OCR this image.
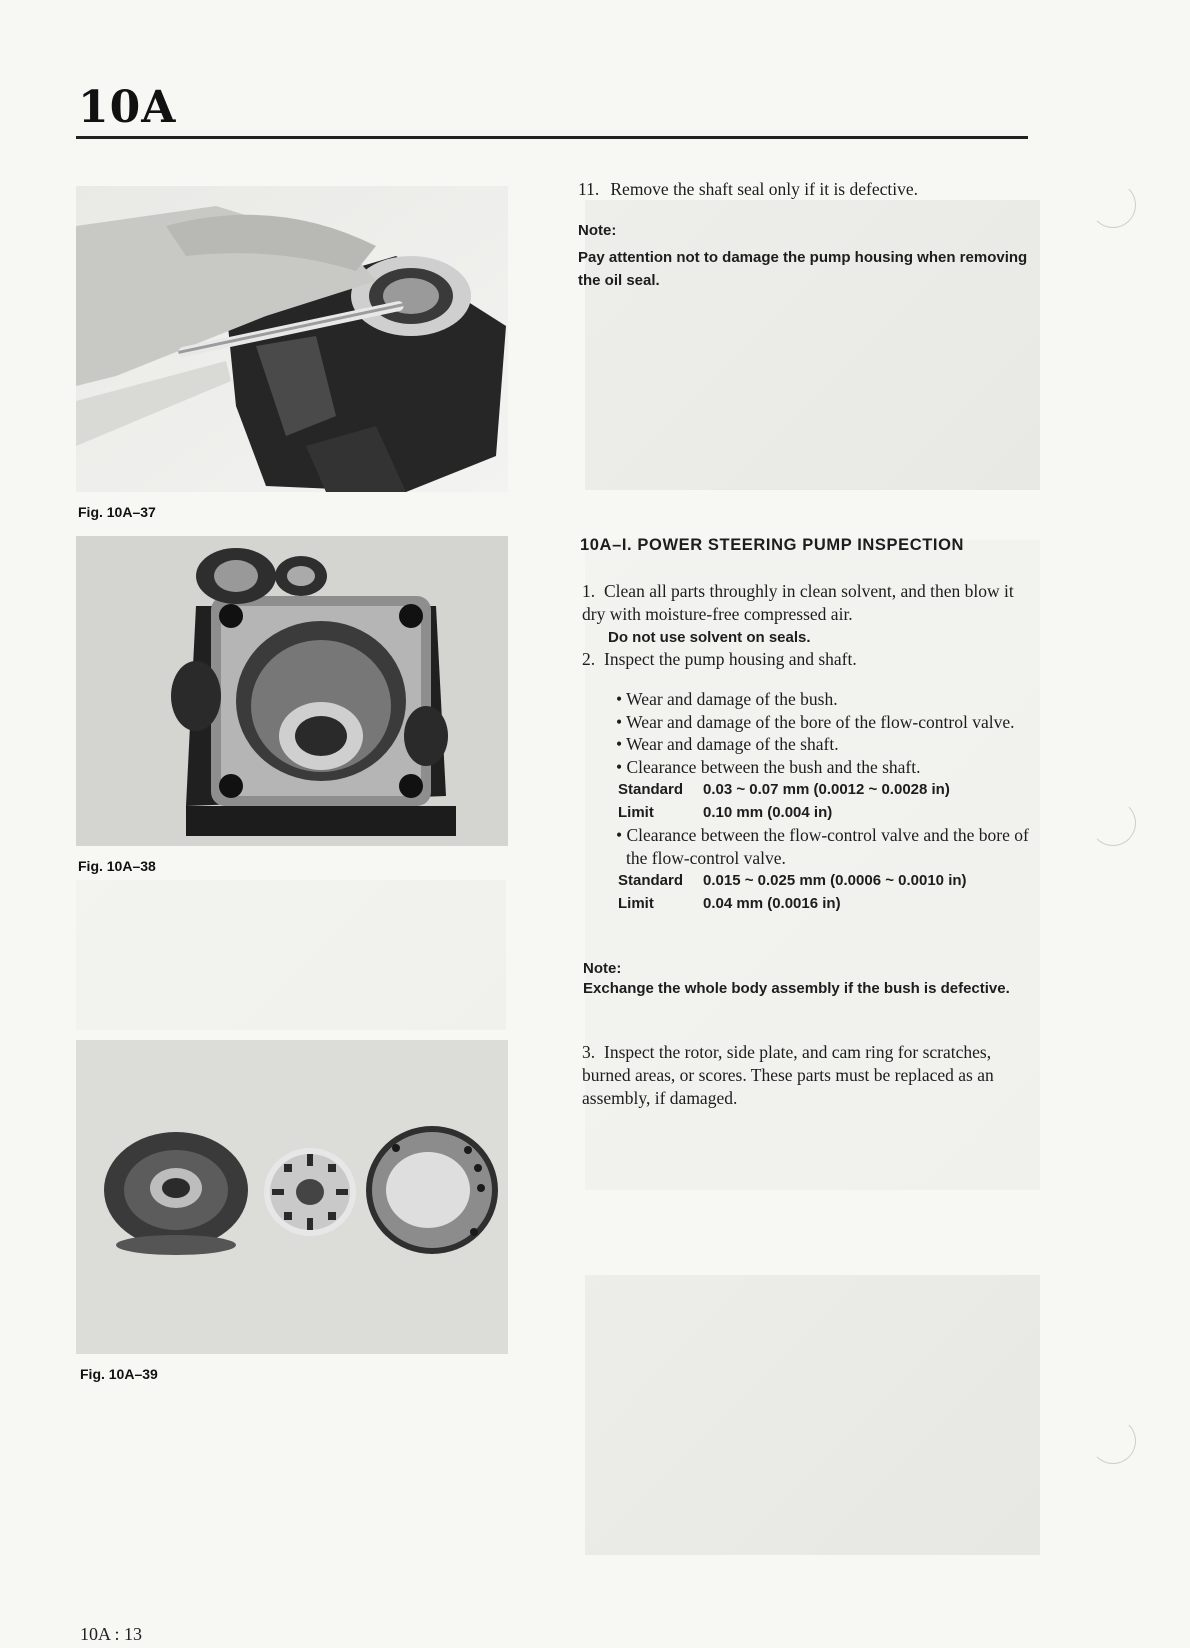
10A

Fig. 10A–37

Fig. 10A–38

Fig. 10A–39

11. Remove the shaft seal only if it is defective.

Note:

Pay attention not to damage the pump housing when removing the oil seal.

10A–I. POWER STEERING PUMP INSPECTION
1. Clean all parts throughly in clean solvent, and then blow it dry with moisture-free compressed air.
Do not use solvent on seals.
2. Inspect the pump housing and shaft.

• Wear and damage of the bush.

• Wear and damage of the bore of the flow-control valve.

• Wear and damage of the shaft.

• Clearance between the bush and the shaft.

Standard 0.03 ~ 0.07 mm (0.0012 ~ 0.0028 in)

Limit	0.10 mm (0.004 in)

• Clearance between the flow-control valve and the bore of the flow-control valve.

Standard 0.015 ~ 0.025 mm (0.0006 ~ 0.0010 in)

Limit	0.04 mm (0.0016 in)

Note:

Exchange the whole body assembly if the bush is defective.

3. Inspect the rotor, side plate, and cam ring for scratches, burned areas, or scores. These parts must be replaced as an assembly, if damaged.

10A : 13
